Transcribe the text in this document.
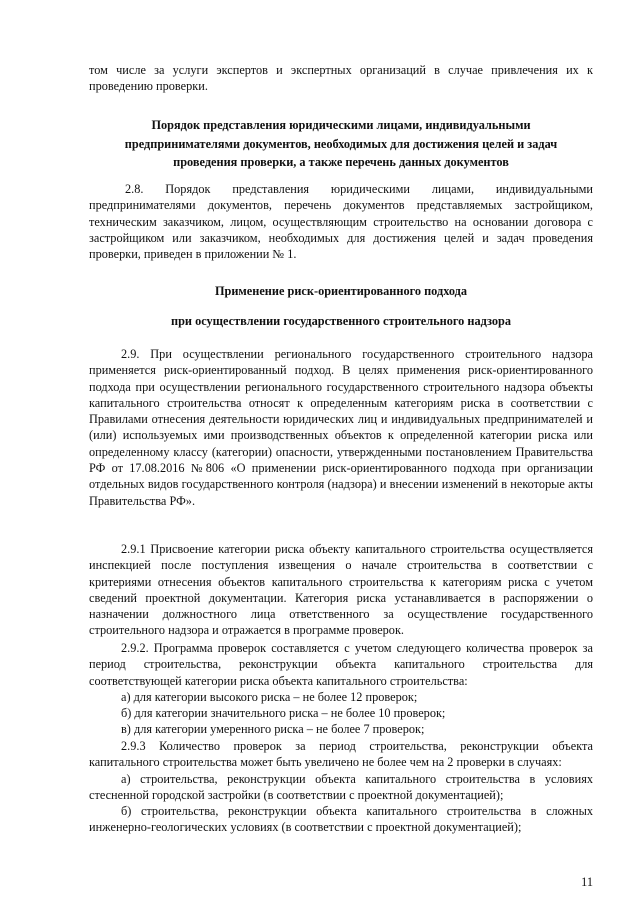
том числе за услуги экспертов и экспертных организаций в случае привлечения их к проведению проверки.

Порядок представления юридическими лицами, индивидуальными предпринимателями документов, необходимых для достижения целей и задач проведения проверки, а также перечень данных документов

2.8. Порядок представления юридическими лицами, индивидуальными предпринимателями документов, перечень документов представляемых застройщиком, техническим заказчиком, лицом, осуществляющим строительство на основании договора с застройщиком или заказчиком, необходимых для достижения целей и задач проведения проверки, приведен в приложении № 1.

Применение риск-ориентированного подхода

при осуществлении государственного строительного надзора

2.9. При осуществлении регионального государственного строительного надзора применяется риск-ориентированный подход. В целях применения риск-ориентированного подхода при осуществлении регионального государственного строительного надзора объекты капитального строительства относят к определенным категориям риска в соответствии с Правилами отнесения деятельности юридических лиц и индивидуальных предпринимателей и (или) используемых ими производственных объектов к определенной категории риска или определенному классу (категории) опасности, утвержденными постановлением Правительства РФ от 17.08.2016 №806 «О применении риск-ориентированного подхода при организации отдельных видов государственного контроля (надзора) и внесении изменений в некоторые акты Правительства РФ».

2.9.1 Присвоение категории риска объекту капитального строительства осуществляется инспекцией после поступления извещения о начале строительства в соответствии с критериями отнесения объектов капитального строительства к категориям риска с учетом сведений проектной документации. Категория риска устанавливается в распоряжении о назначении должностного лица ответственного за осуществление государственного строительного надзора и отражается в программе проверок.

2.9.2. Программа проверок составляется с учетом следующего количества проверок за период строительства, реконструкции объекта капитального строительства для соответствующей категории риска объекта капитального строительства:

а) для категории высокого риска – не более 12 проверок;

б) для категории значительного риска – не более 10 проверок;

в) для категории умеренного риска – не более 7 проверок;

2.9.3 Количество проверок за период строительства, реконструкции объекта капитального строительства может быть увеличено не более чем на 2 проверки в случаях:

а) строительства, реконструкции объекта капитального строительства в условиях стесненной городской застройки (в соответствии с проектной документацией);

б) строительства, реконструкции объекта капитального строительства в сложных инженерно-геологических условиях (в соответствии с проектной документацией);

11
